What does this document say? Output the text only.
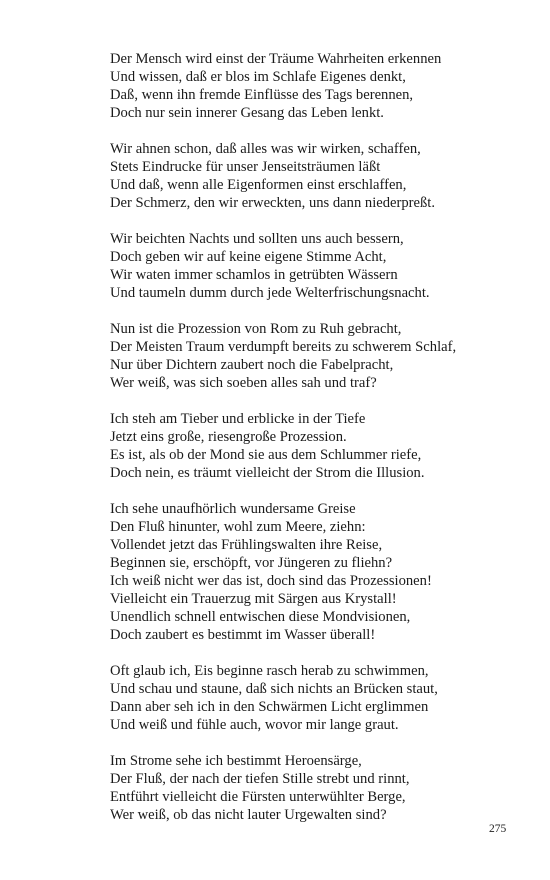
Der Mensch wird einst der Träume Wahrheiten erkennen
Und wissen, daß er blos im Schlafe Eigenes denkt,
Daß, wenn ihn fremde Einflüsse des Tags berennen,
Doch nur sein innerer Gesang das Leben lenkt.
Wir ahnen schon, daß alles was wir wirken, schaffen,
Stets Eindrucke für unser Jenseitsträumen läßt
Und daß, wenn alle Eigenformen einst erschlaffen,
Der Schmerz, den wir erweckten, uns dann niederpreßt.
Wir beichten Nachts und sollten uns auch bessern,
Doch geben wir auf keine eigene Stimme Acht,
Wir waten immer schamlos in getrübten Wässern
Und taumeln dumm durch jede Welterfrischungsnacht.
Nun ist die Prozession von Rom zu Ruh gebracht,
Der Meisten Traum verdumpft bereits zu schwerem Schlaf,
Nur über Dichtern zaubert noch die Fabelpracht,
Wer weiß, was sich soeben alles sah und traf?
Ich steh am Tieber und erblicke in der Tiefe
Jetzt eins große, riesengroße Prozession.
Es ist, als ob der Mond sie aus dem Schlummer riefe,
Doch nein, es träumt vielleicht der Strom die Illusion.
Ich sehe unaufhörlich wundersame Greise
Den Fluß hinunter, wohl zum Meere, ziehn:
Vollendet jetzt das Frühlingswalten ihre Reise,
Beginnen sie, erschöpft, vor Jüngeren zu fliehn?
Ich weiß nicht wer das ist, doch sind das Prozessionen!
Vielleicht ein Trauerzug mit Särgen aus Krystall!
Unendlich schnell entwischen diese Mondvisionen,
Doch zaubert es bestimmt im Wasser überall!
Oft glaub ich, Eis beginne rasch herab zu schwimmen,
Und schau und staune, daß sich nichts an Brücken staut,
Dann aber seh ich in den Schwärmen Licht erglimmen
Und weiß und fühle auch, wovor mir lange graut.
Im Strome sehe ich bestimmt Heroensärge,
Der Fluß, der nach der tiefen Stille strebt und rinnt,
Entführt vielleicht die Fürsten unterwühlter Berge,
Wer weiß, ob das nicht lauter Urgewalten sind?
275
